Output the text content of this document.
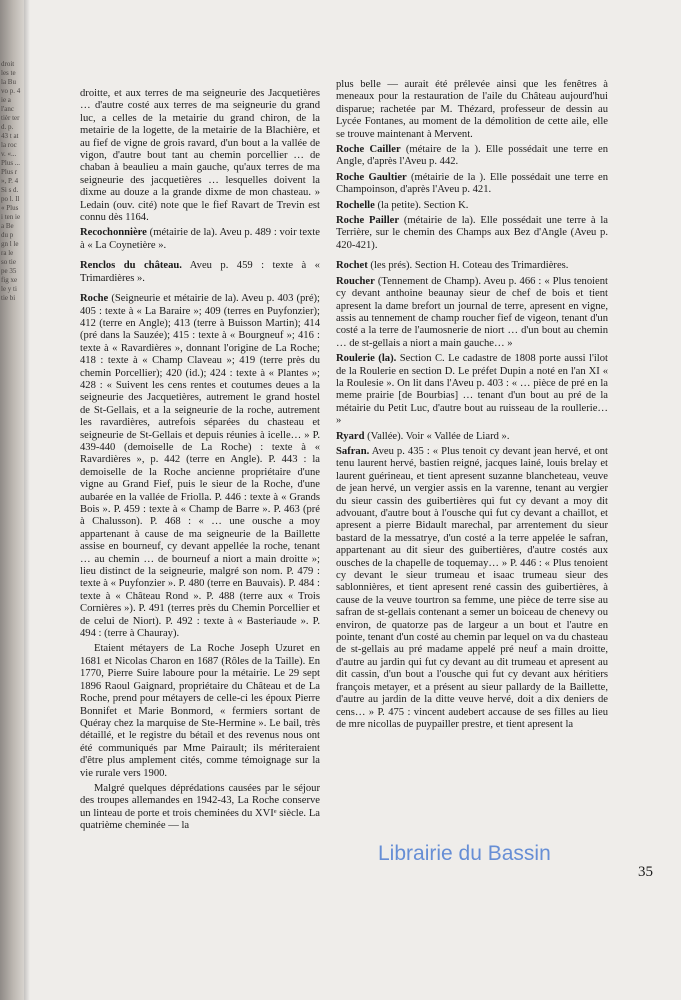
droit les te la Bu vo p. 4 ie a l'anc tièr ter d. p. 43 t at la roc v. «... Plus ... Plus r », P. 4 Si s d. po l. Il « Plus i ten ie a Be du p gn l le ra le so tie pe 35 fig xe le y ti tie bi

droitte, et aux terres de ma seigneurie des Jacquetières … d'autre costé aux terres de ma seigneurie du grand luc, a celles de la metairie du grand chiron, de la metairie de la logette, de la metairie de la Blachière, et au fief de vigne de grois ravard, d'un bout a la vallée de vigon, d'autre bout tant au chemin porcellier … de chaban à beaulieu a main gauche, qu'aux terres de ma seigneurie des jacquetières … lesquelles doivent la dixme au douze a la grande dixme de mon chasteau. » Ledain (ouv. cité) note que le fief Ravart de Trevin est connu dès 1164.

Recochonnière (métairie de la). Aveu p. 489 : voir texte à « La Coynetière ».

Renclos du château. Aveu p. 459 : texte à « Trimardières ».

Roche (Seigneurie et métairie de la). Aveu p. 403 (pré); 405 : texte à « La Baraire »; 409 (terres en Puyfonzier); 412 (terre en Angle); 413 (terre à Buisson Martin); 414 (pré dans la Sauzée); 415 : texte à « Bourgneuf »; 416 : texte à « Ravardières », donnant l'origine de La Roche; 418 : texte à « Champ Claveau »; 419 (terre près du chemin Porcellier); 420 (id.); 424 : texte à « Plantes »; 428 : « Suivent les cens rentes et coutumes deues a la seigneurie des Jacquetières, autrement le grand hostel de St-Gellais, et a la seigneurie de la roche, autrement les ravardières, autrefois séparées du chasteau et seigneurie de St-Gellais et depuis réunies à icelle… » P. 439-440 (demoiselle de La Roche) : texte à « Ravardières », p. 442 (terre en Angle). P. 443 : la demoiselle de la Roche ancienne propriétaire d'une vigne au Grand Fief, puis le sieur de la Roche, d'une aubarée en la vallée de Friolla. P. 446 : texte à « Grands Bois ». P. 459 : texte à « Champ de Barre ». P. 463 (pré à Chalusson). P. 468 : « … une ousche a moy appartenant à cause de ma seigneurie de la Baillette assise en bourneuf, cy devant appellée la roche, tenant … au chemin … de bourneuf a niort a main droitte »; lieu distinct de la seigneurie, malgré son nom. P. 479 : texte à « Puyfonzier ». P. 480 (terre en Bauvais). P. 484 : texte à « Château Rond ». P. 488 (terre aux « Trois Cornières »). P. 491 (terres près du Chemin Porcellier et de celui de Niort). P. 492 : texte à « Basteriaude ». P. 494 : (terre à Chauray).

Etaient métayers de La Roche Joseph Uzuret en 1681 et Nicolas Charon en 1687 (Rôles de la Taille). En 1770, Pierre Suire laboure pour la métairie. Le 29 sept 1896 Raoul Gaignard, propriétaire du Château et de La Roche, prend pour métayers de celle-ci les époux Pierre Bonnifet et Marie Bonmord, « fermiers sortant de Quéray chez la marquise de Ste-Hermine ». Le bail, très détaillé, et le registre du bétail et des revenus nous ont été communiqués par Mme Pairault; ils mériteraient d'être plus amplement cités, comme témoignage sur la vie rurale vers 1900.

Malgré quelques déprédations causées par le séjour des troupes allemandes en 1942-43, La Roche conserve un linteau de porte et trois cheminées du XVIᵉ siècle. La quatrième cheminée — la

plus belle — aurait été prélevée ainsi que les fenêtres à meneaux pour la restauration de l'aile du Château aujourd'hui disparue; rachetée par M. Thézard, professeur de dessin au Lycée Fontanes, au moment de la démolition de cette aile, elle se trouve maintenant à Mervent.

Roche Cailler (métaire de la ). Elle possédait une terre en Angle, d'après l'Aveu p. 442.

Roche Gaultier (métairie de la ). Elle possédait une terre en Champoinson, d'après l'Aveu p. 421.

Rochelle (la petite). Section K.

Roche Pailler (métairie de la). Elle possédait une terre à la Terrière, sur le chemin des Champs aux Bez d'Angle (Aveu p. 420-421).

Rochet (les prés). Section H. Coteau des Trimardières.

Roucher (Tennement de Champ). Aveu p. 466 : « Plus tenoient cy devant anthoine beaunay sieur de chef de bois et tient apresent la dame brefort un journal de terre, apresent en vigne, assis au tennement de champ roucher fief de vigeon, tenant d'un costé a la terre de l'aumosnerie de niort … d'un bout au chemin … de st-gellais a niort a main gauche… »

Roulerie (la). Section C. Le cadastre de 1808 porte aussi l'ilot de la Roulerie en section D. Le préfet Dupin a noté en l'an XI « la Roulesie ». On lit dans l'Aveu p. 403 : « … pièce de pré en la meme prairie [de Bourbias] … tenant d'un bout au pré de la métairie du Petit Luc, d'autre bout au ruisseau de la roullerie… »

Ryard (Vallée). Voir « Vallée de Liard ».

Safran. Aveu p. 435 : « Plus tenoit cy devant jean hervé, et ont tenu laurent hervé, bastien reigné, jacques lainé, louis brelay et laurent guérineau, et tient apresent suzanne blancheteau, veuve de jean hervé, un vergier assis en la varenne, tenant au vergier du sieur cassin des guibertières qui fut cy devant a moy dit advouant, d'autre bout à l'ousche qui fut cy devant a chaillot, et apresent a pierre Bidault marechal, par arrentement du sieur bastard de la messatrye, d'un costé a la terre appelée le safran, appartenant au dit sieur des guibertières, d'autre costés aux ousches de la chapelle de toquemay… » P. 446 : « Plus tenoient cy devant le sieur trumeau et isaac trumeau sieur des sablonnières, et tient apresent rené cassin des guibertières, à cause de la veuve tourtron sa femme, une pièce de terre sise au safran de st-gellais contenant a semer un boiceau de chenevy ou environ, de quatorze pas de largeur a un bout et l'autre en pointe, tenant d'un costé au chemin par lequel on va du chasteau de st-gellais au pré madame appelé pré neuf a main droitte, d'autre au jardin qui fut cy devant au dit trumeau et apresent au dit cassin, d'un bout a l'ousche qui fut cy devant aux héritiers françois metayer, et a présent au sieur pallardy de la Baillette, d'autre au jardin de la ditte veuve hervé, doit a dix deniers de cens… » P. 475 : vincent audebert accause de ses filles au lieu de mre nicollas de puypailler prestre, et tient apresent la

35
Librairie du Bassin
